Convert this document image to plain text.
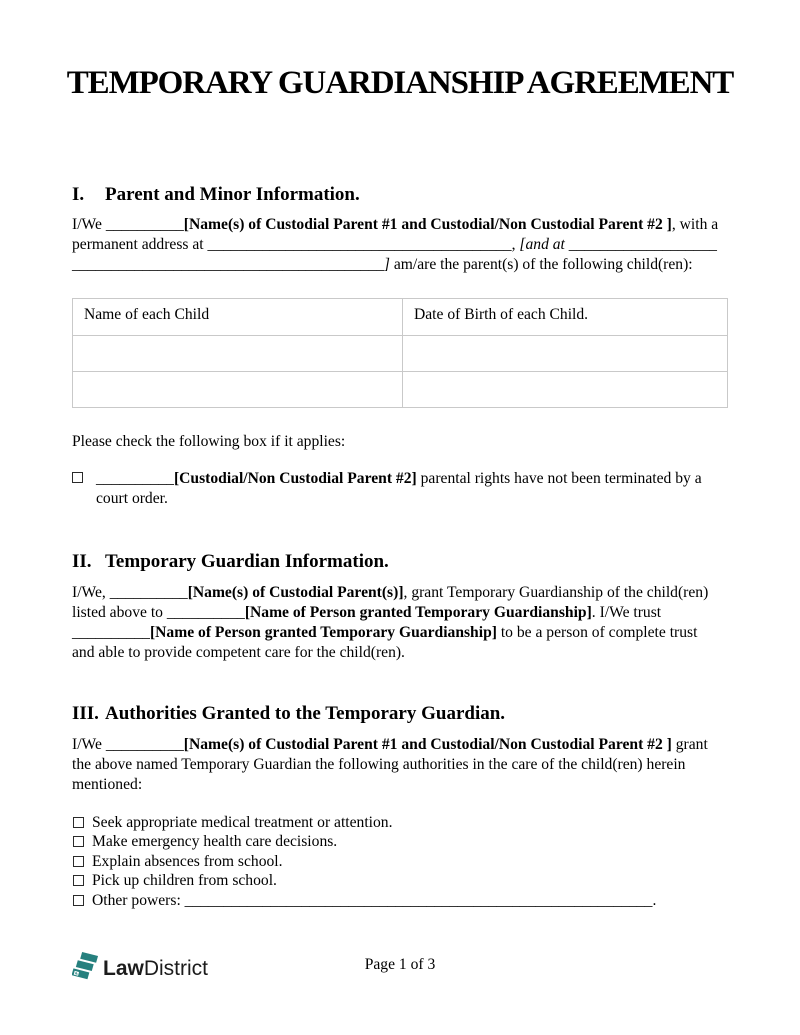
TEMPORARY GUARDIANSHIP AGREEMENT
I. Parent and Minor Information.

I/We __________[Name(s) of Custodial Parent #1 and Custodial/Non Custodial Parent #2 ], with a
permanent address at _______________________________________, [and at ___________________
________________________________________] am/are the parent(s) of the following child(ren):

Name of each Child	Date of Birth of each Child.

Please check the following box if it applies:

__________[Custodial/Non Custodial Parent #2] parental rights have not been terminated by a
court order.
II. Temporary Guardian Information.

I/We, __________[Name(s) of Custodial Parent(s)], grant Temporary Guardianship of the child(ren)
listed above to __________[Name of Person granted Temporary Guardianship]. I/We trust
__________[Name of Person granted Temporary Guardianship] to be a person of complete trust
and able to provide competent care for the child(ren).

III. Authorities Granted to the Temporary Guardian.

I/We __________[Name(s) of Custodial Parent #1 and Custodial/Non Custodial Parent #2 ] grant
the above named Temporary Guardian the following authorities in the care of the child(ren) herein
mentioned:

Seek appropriate medical treatment or attention.
Make emergency health care decisions.
Explain absences from school.
Pick up children from school.
Other powers: ____________________________________________________________.
Law District	Page 1 of 3
